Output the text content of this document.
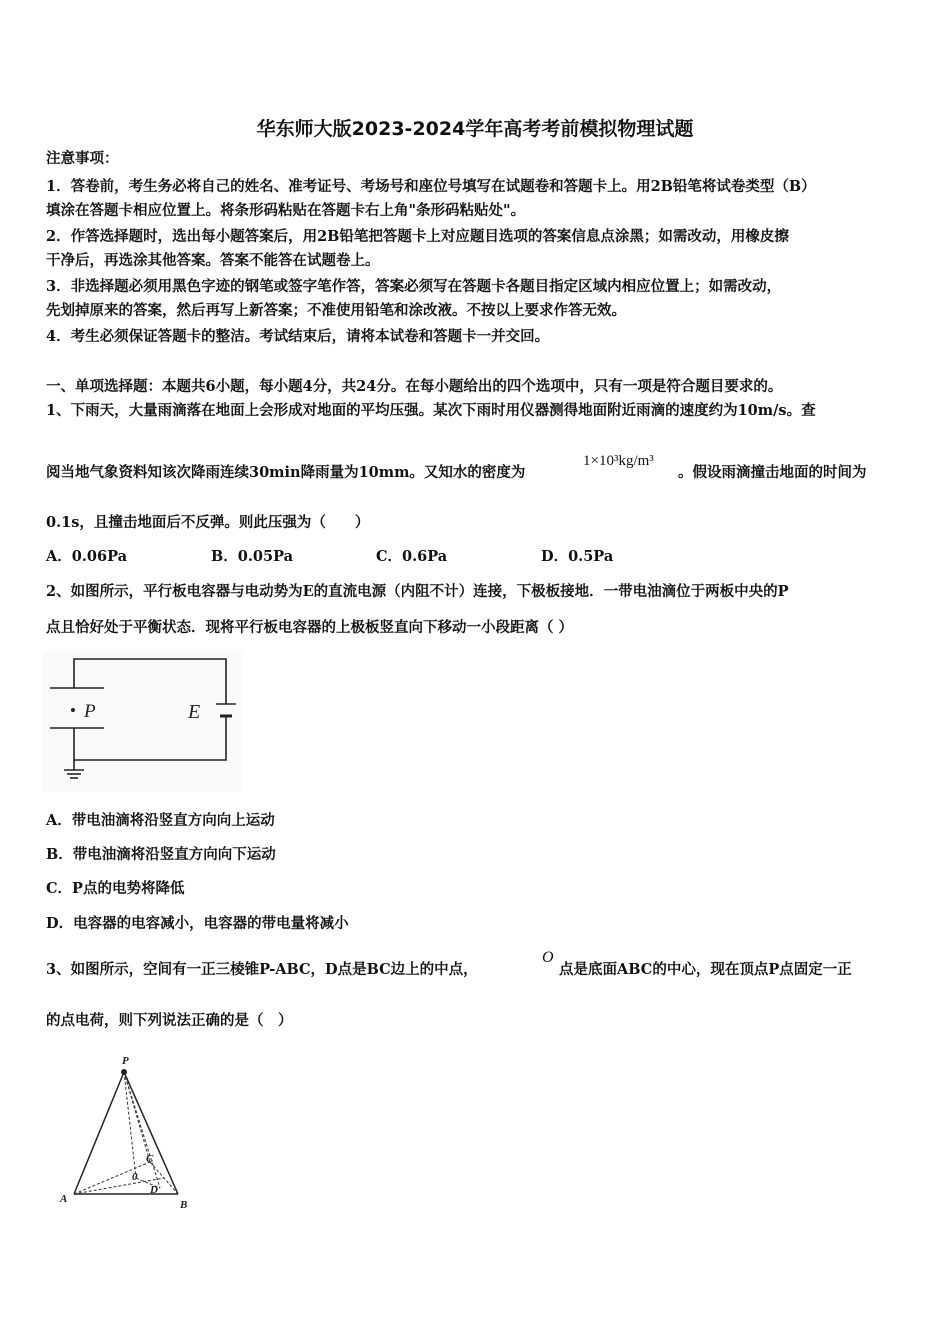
华东师大版2023-2024学年高考考前模拟物理试题
注意事项：
1．答卷前，考生务必将自己的姓名、准考证号、考场号和座位号填写在试题卷和答题卡上。用2B铅笔将试卷类型（B）
填涂在答题卡相应位置上。将条形码粘贴在答题卡右上角"条形码粘贴处"。
2．作答选择题时，选出每小题答案后，用2B铅笔把答题卡上对应题目选项的答案信息点涂黑；如需改动，用橡皮擦
干净后，再选涂其他答案。答案不能答在试题卷上。
3．非选择题必须用黑色字迹的钢笔或签字笔作答，答案必须写在答题卡各题目指定区域内相应位置上；如需改动，
先划掉原来的答案，然后再写上新答案；不准使用铅笔和涂改液。不按以上要求作答无效。
4．考生必须保证答题卡的整洁。考试结束后，请将本试卷和答题卡一并交回。
一、单项选择题：本题共6小题，每小题4分，共24分。在每小题给出的四个选项中，只有一项是符合题目要求的。
1、下雨天，大量雨滴落在地面上会形成对地面的平均压强。某次下雨时用仪器测得地面附近雨滴的速度约为10m/s。查
阅当地气象资料知该次降雨连续30min降雨量为10mm。又知水的密度为
1×10³kg/m³
。假设雨滴撞击地面的时间为
0.1s，且撞击地面后不反弹。则此压强为（　　）
A．0.06Pa	B．0.05Pa	C．0.6Pa	D．0.5Pa
2、如图所示，平行板电容器与电动势为E的直流电源（内阻不计）连接，下极板接地．一带电油滴位于两板中央的P
点且恰好处于平衡状态．现将平行板电容器的上极板竖直向下移动一小段距离（ ）
P	E
A．带电油滴将沿竖直方向向上运动
B．带电油滴将沿竖直方向向下运动
C．P点的电势将降低
D．电容器的电容减小，电容器的带电量将减小
3、如图所示，空间有一正三棱锥P-ABC，D点是BC边上的中点，
O
点是底面ABC的中心，现在顶点P点固定一正
的点电荷，则下列说法正确的是（　）
P
A	B
C
D
0
